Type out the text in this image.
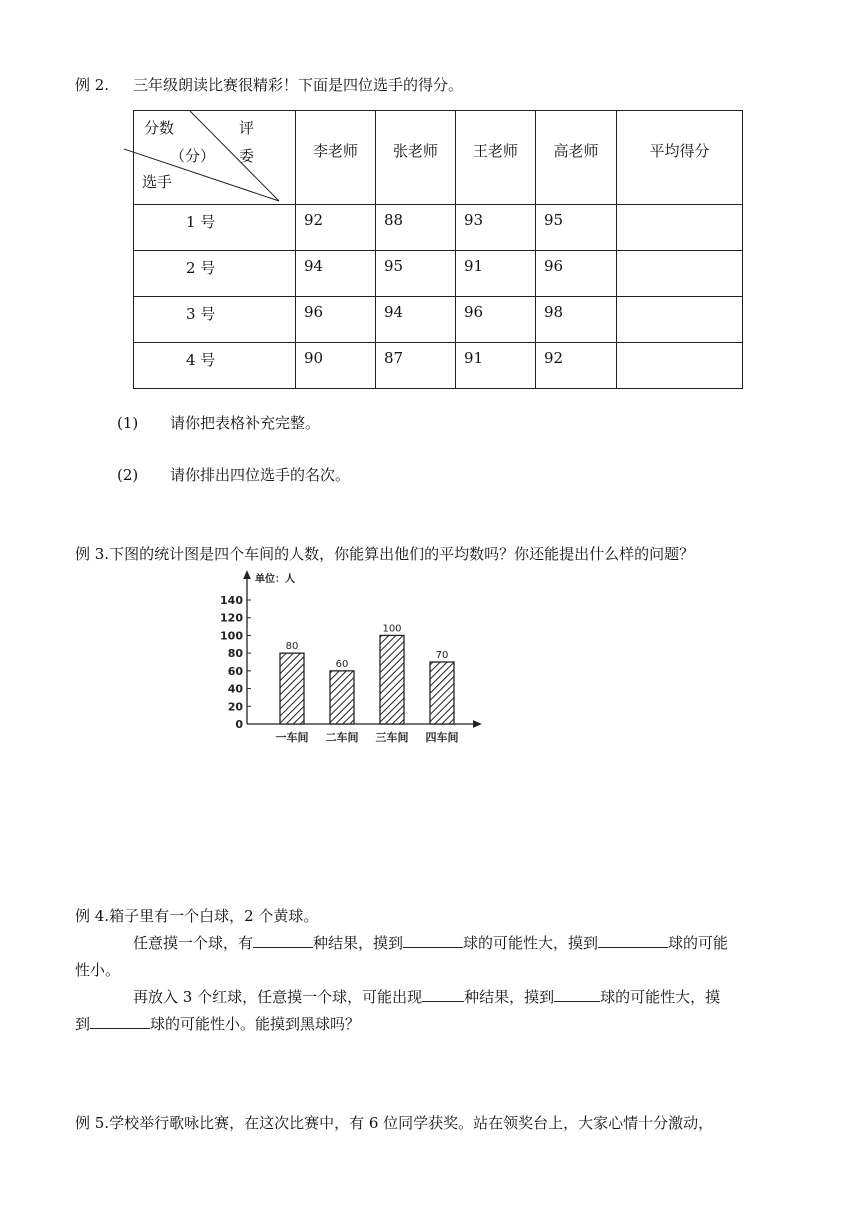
例 2. 三年级朗读比赛很精彩！下面是四位选手的得分。
分数 评
（分） 委
选手	李老师	张老师	王老师	高老师	平均得分
1 号	92	88	93	95	
2 号	94	95	91	96	
3 号	96	94	96	98	
4 号	90	87	91	92	
(1) 请你把表格补充完整。
(2) 请你排出四位选手的名次。
例 3.下图的统计图是四个车间的人数，你能算出他们的平均数吗？你还能提出什么样的问题？
单位：人
0
20
40
60
80
100
120
140
80
一车间
60
二车间
100
三车间
70
四车间
例 4.箱子里有一个白球，2 个黄球。
任意摸一个球，有	种结果，摸到	球的可能性大，摸到	球的可能
性小。
再放入 3 个红球，任意摸一个球，可能出现	种结果，摸到	球的可能性大，摸
到	球的可能性小。能摸到黑球吗？
例 5.学校举行歌咏比赛，在这次比赛中，有 6 位同学获奖。站在领奖台上，大家心情十分激动，
